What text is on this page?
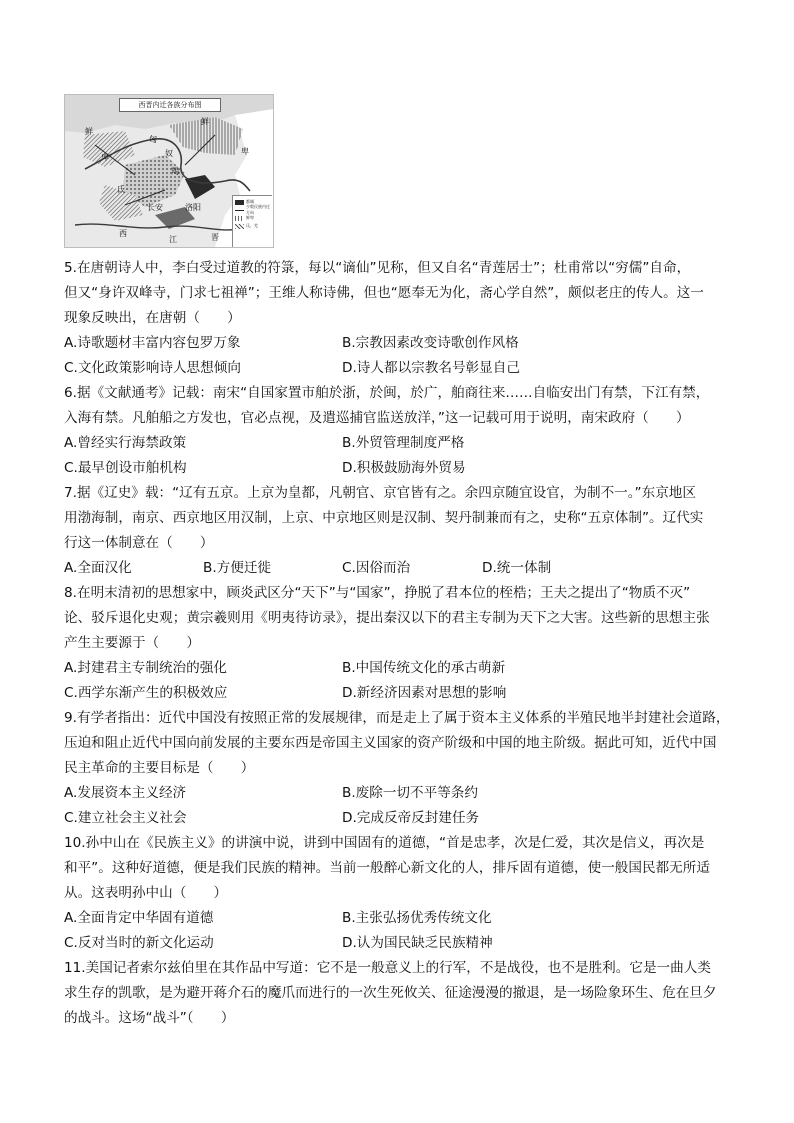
西晋内迁各族分布图
鲜
卑
匈
奴
羯
鲜
卑
氐
长安	洛阳
西
江	晋
都城
少数民族内迁方向
鲜卑
氐、羌
5.在唐朝诗人中，李白受过道教的符箓，每以“谪仙”见称，但又自名“青莲居士”；杜甫常以“穷儒”自命，
但又“身许双峰寺，门求七祖禅”；王维人称诗佛，但也“愿奉无为化，斋心学自然”，颇似老庄的传人。这一
现象反映出，在唐朝（　　）
A.诗歌题材丰富内容包罗万象	B.宗教因素改变诗歌创作风格
C.文化政策影响诗人思想倾向	D.诗人都以宗教名号彰显自己
6.据《文献通考》记载：南宋“自国家置市舶於浙，於闽，於广，舶商往来……自临安出门有禁，下江有禁，
入海有禁。凡舶船之方发也，官必点视，及遣巡捕官监送放洋，”这一记载可用于说明，南宋政府（　　）
A.曾经实行海禁政策	B.外贸管理制度严格
C.最早创设市舶机构	D.积极鼓励海外贸易
7.据《辽史》载：“辽有五京。上京为皇都，凡朝官、京官皆有之。余四京随宜设官，为制不一。”东京地区
用渤海制，南京、西京地区用汉制，上京、中京地区则是汉制、契丹制兼而有之，史称“五京体制”。辽代实
行这一体制意在（　　）
A.全面汉化	B.方便迁徙	C.因俗而治	D.统一体制
8.在明末清初的思想家中，顾炎武区分“天下”与“国家”，挣脱了君本位的桎梏；王夫之提出了“物质不灭”
论、驳斥退化史观；黄宗羲则用《明夷待访录》，提出秦汉以下的君主专制为天下之大害。这些新的思想主张
产生主要源于（　　）
A.封建君主专制统治的强化	B.中国传统文化的承古萌新
C.西学东渐产生的积极效应	D.新经济因素对思想的影响
9.有学者指出：近代中国没有按照正常的发展规律，而是走上了属于资本主义体系的半殖民地半封建社会道路，
压迫和阻止近代中国向前发展的主要东西是帝国主义国家的资产阶级和中国的地主阶级。据此可知，近代中国
民主革命的主要目标是（　　）
A.发展资本主义经济	B.废除一切不平等条约
C.建立社会主义社会	D.完成反帝反封建任务
10.孙中山在《民族主义》的讲演中说，讲到中国固有的道德，“首是忠孝，次是仁爱，其次是信义，再次是
和平”。这种好道德，便是我们民族的精神。当前一般醉心新文化的人，排斥固有道德，使一般国民都无所适
从。这表明孙中山（　　）
A.全面肯定中华固有道德	B.主张弘扬优秀传统文化
C.反对当时的新文化运动	D.认为国民缺乏民族精神
11.美国记者索尔兹伯里在其作品中写道：它不是一般意义上的行军，不是战役，也不是胜利。它是一曲人类
求生存的凯歌，是为避开蒋介石的魔爪而进行的一次生死攸关、征途漫漫的撤退，是一场险象环生、危在旦夕
的战斗。这场“战斗”（　　）
